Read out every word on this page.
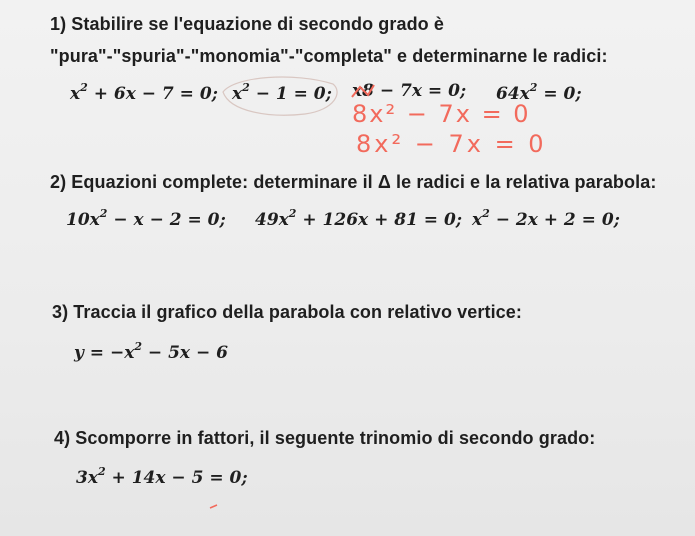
1) Stabilire se l'equazione di secondo grado è
"pura"-"spuria"-"monomia"-"completa" e determinarne le radici:
$x^2 + 6x - 7 = 0$; $x^2 - 1 = 0$; x8
− 7x = 0; $64x^2 = 0$;
8x² − 7x = 0
8x² − 7x = 0
2) Equazioni complete: determinare il Δ le radici e la relativa parabola:
$10x^2 - x - 2 = 0$; $49x^2 + 126x + 81 = 0$; $x^2 - 2x + 2 = 0$;
3) Traccia il grafico della parabola con relativo vertice:
$y = -x^2 - 5x - 6$
4) Scomporre in fattori, il seguente trinomio di secondo grado:
$3x^2 + 14x - 5 = 0$;
